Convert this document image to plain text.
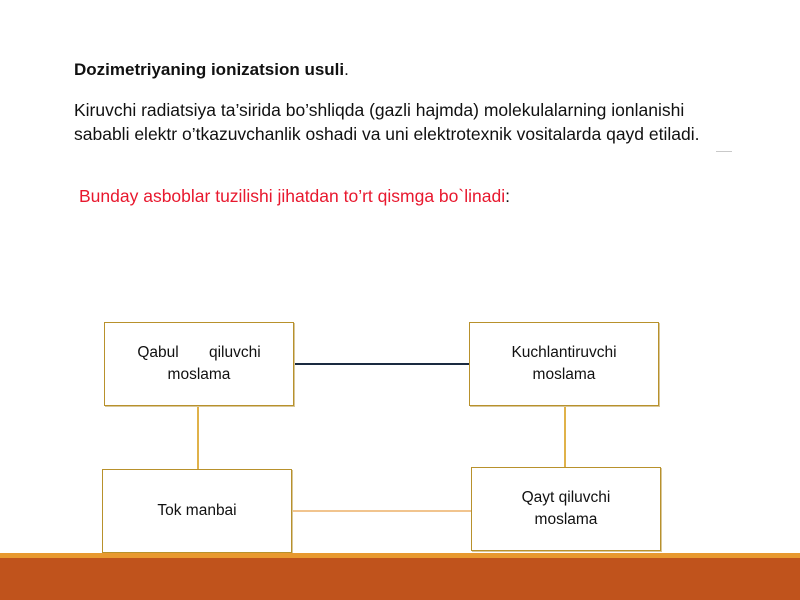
Dozimetriyaning ionizatsion usuli.
Kiruvchi radiatsiya ta’sirida bo’shliqda (gazli hajmda) molekulalarning ionlanishi sababli elektr o’tkazuvchanlik oshadi va uni elektrotexnik vositalarda qayd etiladi.
Bunday asboblar tuzilishi jihatdan to’rt qismga bo`linadi:
Qabul qiluvchi
moslama
Kuchlantiruvchi
moslama
Tok manbai
Qayt qiluvchi
moslama
